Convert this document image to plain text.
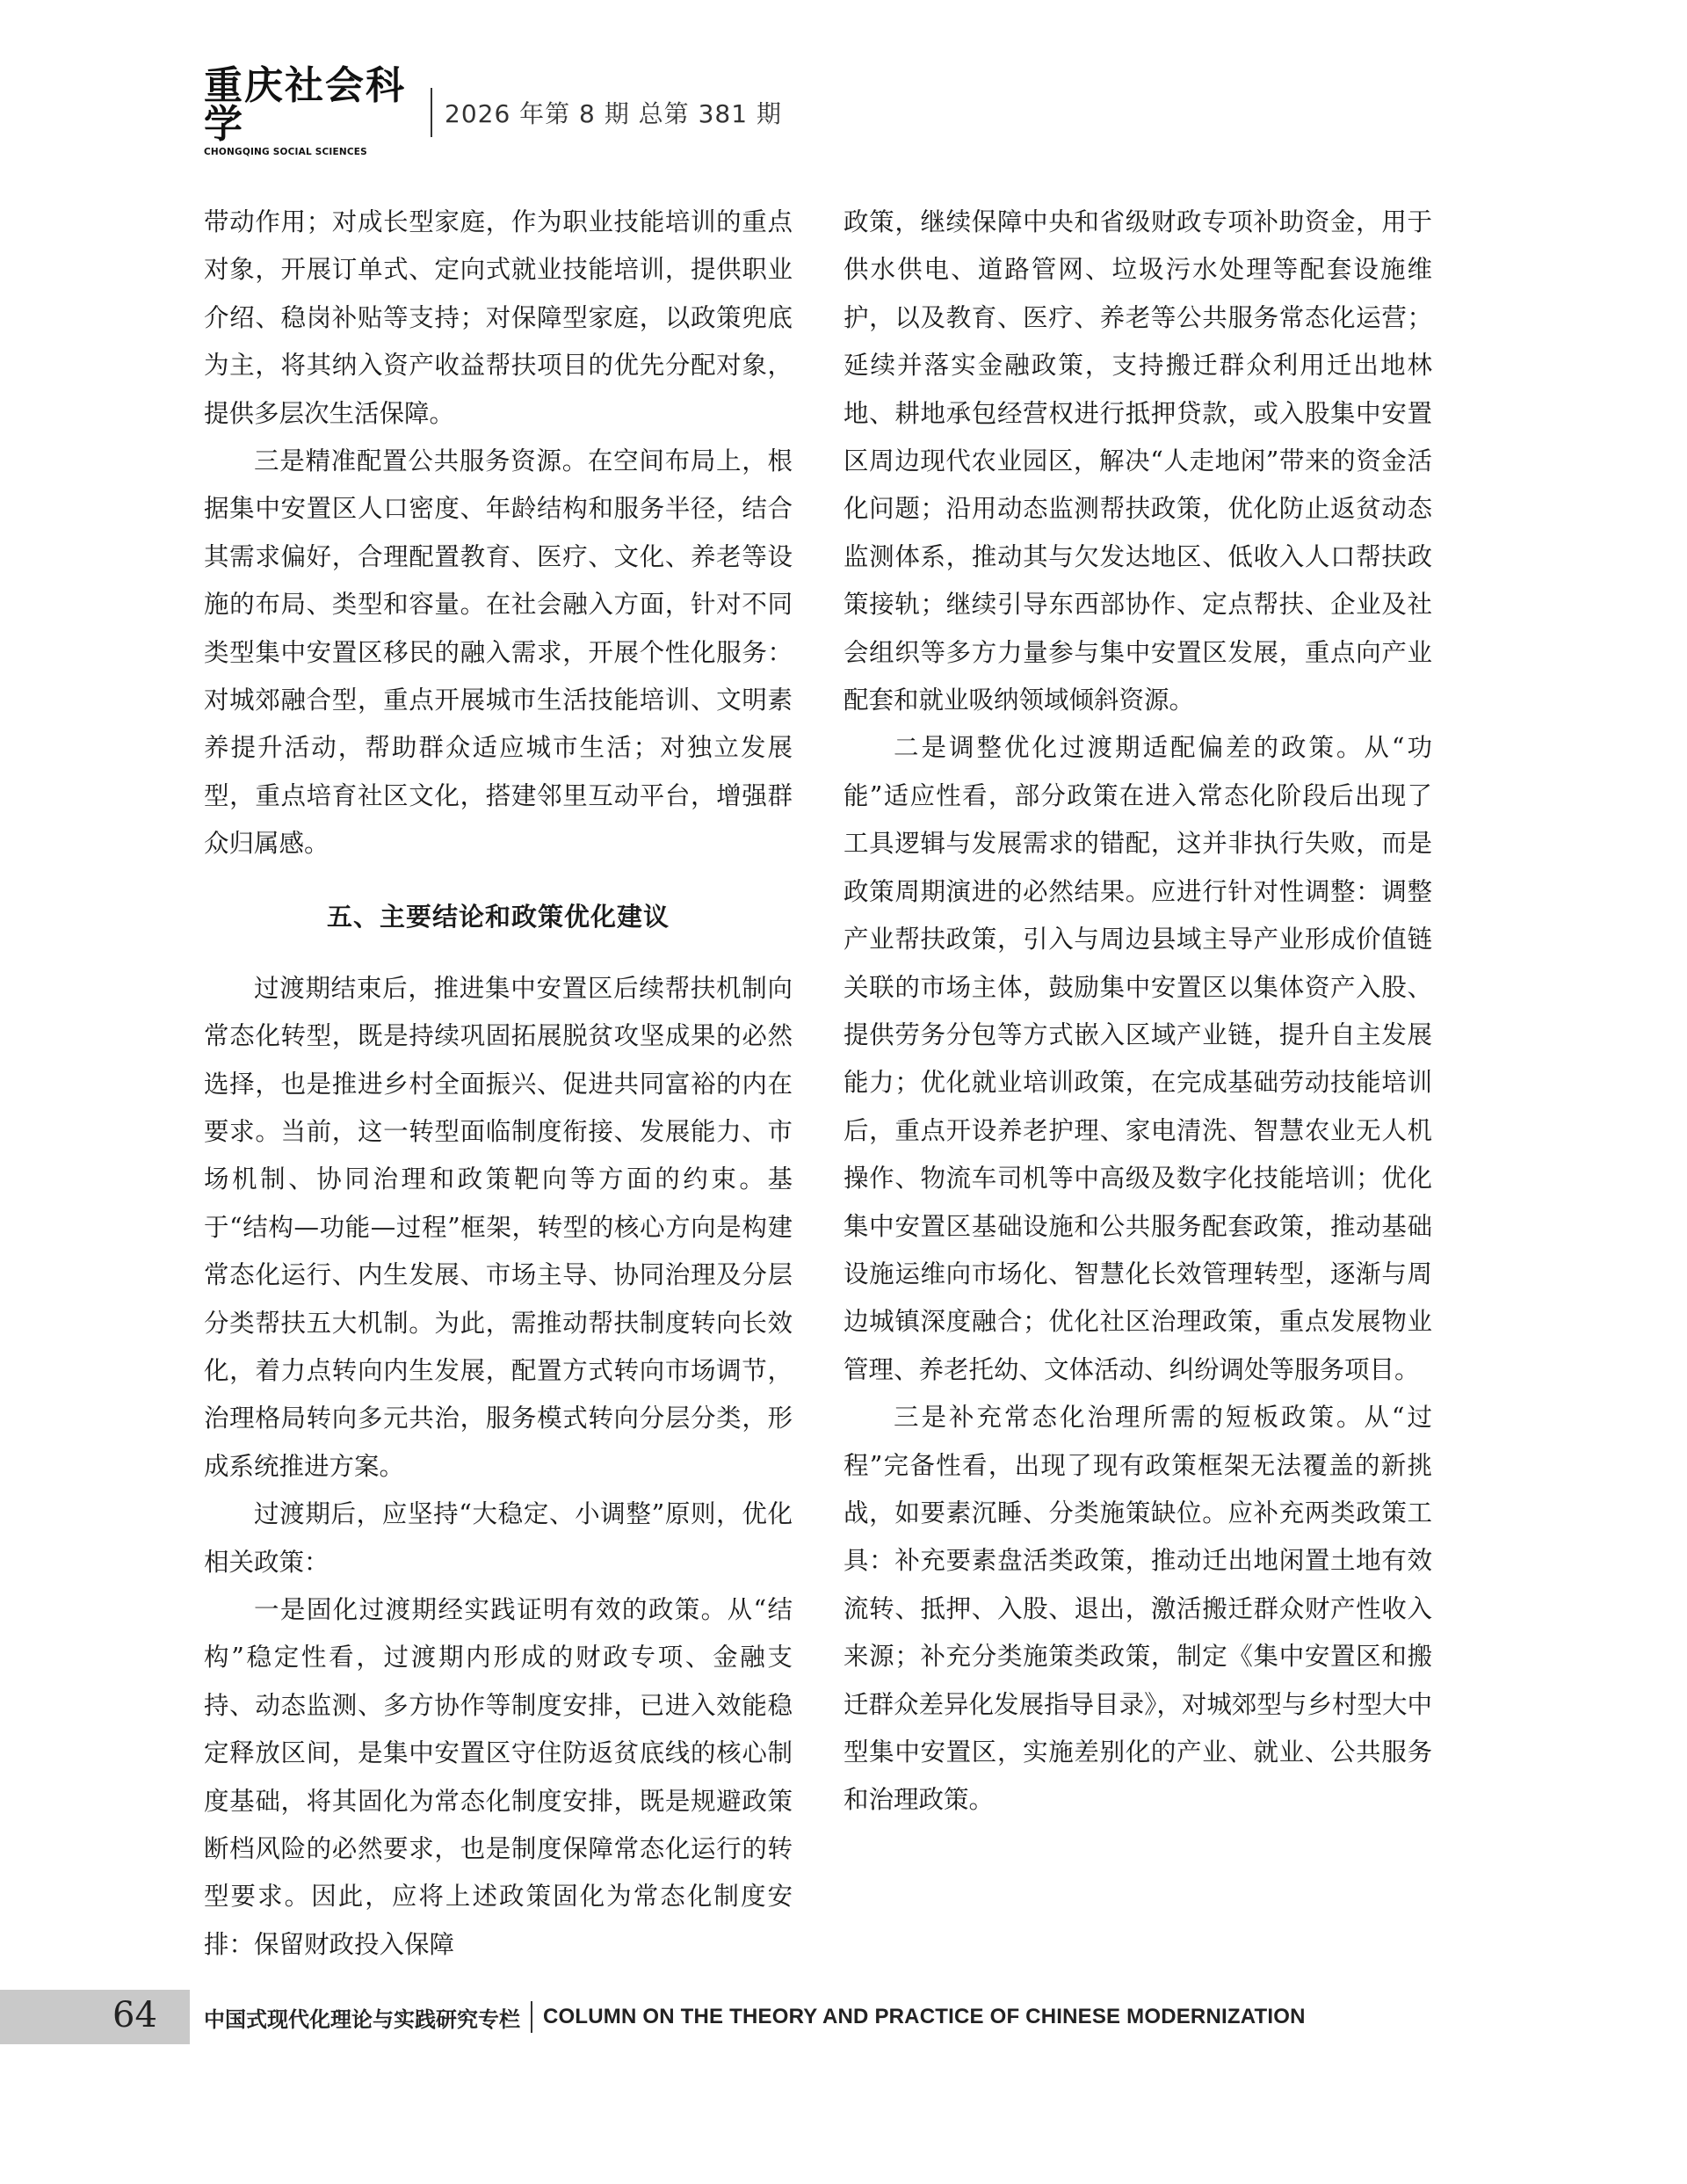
重庆社会科学
CHONGQING SOCIAL SCIENCES
2026 年第 8 期 总第 381 期

带动作用；对成长型家庭，作为职业技能培训的重点对象，开展订单式、定向式就业技能培训，提供职业介绍、稳岗补贴等支持；对保障型家庭，以政策兜底为主，将其纳入资产收益帮扶项目的优先分配对象，提供多层次生活保障。

三是精准配置公共服务资源。在空间布局上，根据集中安置区人口密度、年龄结构和服务半径，结合其需求偏好，合理配置教育、医疗、文化、养老等设施的布局、类型和容量。在社会融入方面，针对不同类型集中安置区移民的融入需求，开展个性化服务：对城郊融合型，重点开展城市生活技能培训、文明素养提升活动，帮助群众适应城市生活；对独立发展型，重点培育社区文化，搭建邻里互动平台，增强群众归属感。

五、主要结论和政策优化建议

过渡期结束后，推进集中安置区后续帮扶机制向常态化转型，既是持续巩固拓展脱贫攻坚成果的必然选择，也是推进乡村全面振兴、促进共同富裕的内在要求。当前，这一转型面临制度衔接、发展能力、市场机制、协同治理和政策靶向等方面的约束。基于“结构—功能—过程”框架，转型的核心方向是构建常态化运行、内生发展、市场主导、协同治理及分层分类帮扶五大机制。为此，需推动帮扶制度转向长效化，着力点转向内生发展，配置方式转向市场调节，治理格局转向多元共治，服务模式转向分层分类，形成系统推进方案。

过渡期后，应坚持“大稳定、小调整”原则，优化相关政策：

一是固化过渡期经实践证明有效的政策。从“结构”稳定性看，过渡期内形成的财政专项、金融支持、动态监测、多方协作等制度安排，已进入效能稳定释放区间，是集中安置区守住防返贫底线的核心制度基础，将其固化为常态化制度安排，既是规避政策断档风险的必然要求，也是制度保障常态化运行的转型要求。因此，应将上述政策固化为常态化制度安排：保留财政投入保障

政策，继续保障中央和省级财政专项补助资金，用于供水供电、道路管网、垃圾污水处理等配套设施维护，以及教育、医疗、养老等公共服务常态化运营；延续并落实金融政策，支持搬迁群众利用迁出地林地、耕地承包经营权进行抵押贷款，或入股集中安置区周边现代农业园区，解决“人走地闲”带来的资金活化问题；沿用动态监测帮扶政策，优化防止返贫动态监测体系，推动其与欠发达地区、低收入人口帮扶政策接轨；继续引导东西部协作、定点帮扶、企业及社会组织等多方力量参与集中安置区发展，重点向产业配套和就业吸纳领域倾斜资源。

二是调整优化过渡期适配偏差的政策。从“功能”适应性看，部分政策在进入常态化阶段后出现了工具逻辑与发展需求的错配，这并非执行失败，而是政策周期演进的必然结果。应进行针对性调整：调整产业帮扶政策，引入与周边县域主导产业形成价值链关联的市场主体，鼓励集中安置区以集体资产入股、提供劳务分包等方式嵌入区域产业链，提升自主发展能力；优化就业培训政策，在完成基础劳动技能培训后，重点开设养老护理、家电清洗、智慧农业无人机操作、物流车司机等中高级及数字化技能培训；优化集中安置区基础设施和公共服务配套政策，推动基础设施运维向市场化、智慧化长效管理转型，逐渐与周边城镇深度融合；优化社区治理政策，重点发展物业管理、养老托幼、文体活动、纠纷调处等服务项目。

三是补充常态化治理所需的短板政策。从“过程”完备性看，出现了现有政策框架无法覆盖的新挑战，如要素沉睡、分类施策缺位。应补充两类政策工具：补充要素盘活类政策，推动迁出地闲置土地有效流转、抵押、入股、退出，激活搬迁群众财产性收入来源；补充分类施策类政策，制定《集中安置区和搬迁群众差异化发展指导目录》，对城郊型与乡村型大中型集中安置区，实施差别化的产业、就业、公共服务和治理政策。

64 中国式现代化理论与实践研究专栏 COLUMN ON THE THEORY AND PRACTICE OF CHINESE MODERNIZATION
